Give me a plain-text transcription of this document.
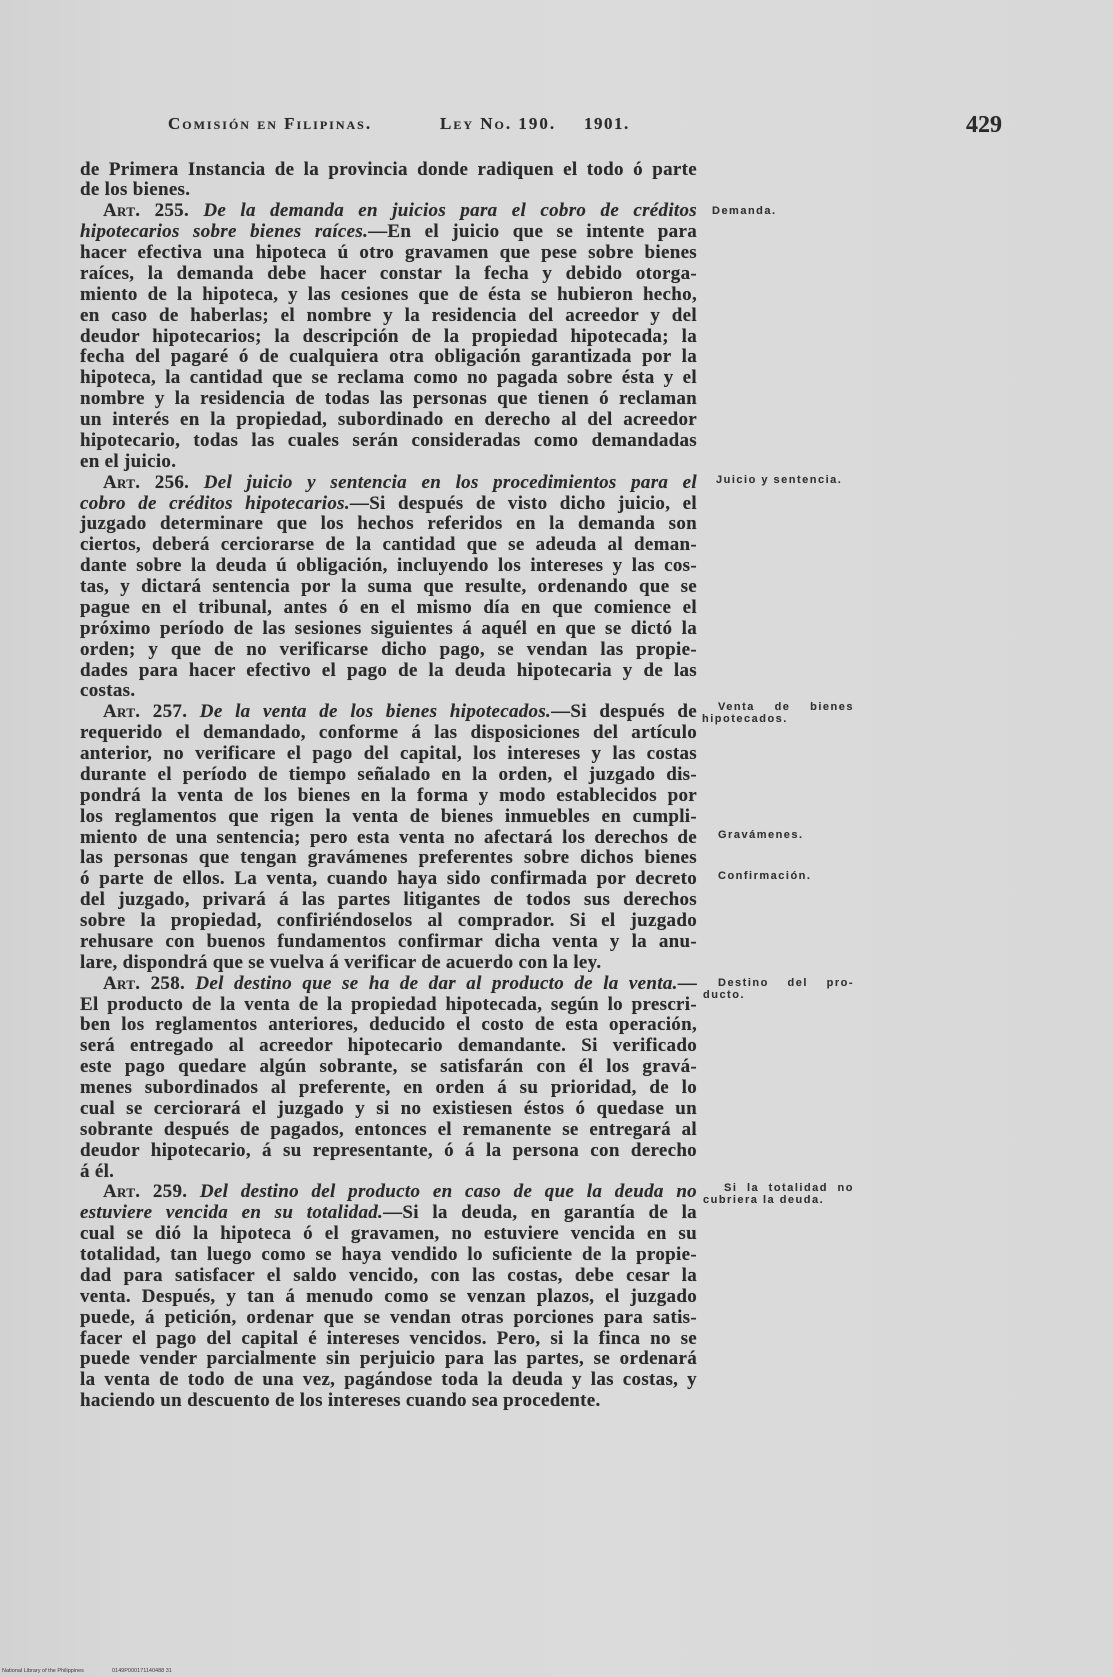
Comisión en Filipinas.	Ley No. 190. 1901.	429
de Primera Instancia de la provincia donde radiquen el todo ó parte
de los bienes.
Art. 255. De la demanda en juicios para el cobro de créditos
hipotecarios sobre bienes raíces.—En el juicio que se intente para
hacer efectiva una hipoteca ú otro gravamen que pese sobre bienes
raíces, la demanda debe hacer constar la fecha y debido otorga-
miento de la hipoteca, y las cesiones que de ésta se hubieron hecho,
en caso de haberlas; el nombre y la residencia del acreedor y del
deudor hipotecarios; la descripción de la propiedad hipotecada; la
fecha del pagaré ó de cualquiera otra obligación garantizada por la
hipoteca, la cantidad que se reclama como no pagada sobre ésta y el
nombre y la residencia de todas las personas que tienen ó reclaman
un interés en la propiedad, subordinado en derecho al del acreedor
hipotecario, todas las cuales serán consideradas como demandadas
en el juicio.
Art. 256. Del juicio y sentencia en los procedimientos para el
cobro de créditos hipotecarios.—Si después de visto dicho juicio, el
juzgado determinare que los hechos referidos en la demanda son
ciertos, deberá cerciorarse de la cantidad que se adeuda al deman-
dante sobre la deuda ú obligación, incluyendo los intereses y las cos-
tas, y dictará sentencia por la suma que resulte, ordenando que se
pague en el tribunal, antes ó en el mismo día en que comience el
próximo período de las sesiones siguientes á aquél en que se dictó la
orden; y que de no verificarse dicho pago, se vendan las propie-
dades para hacer efectivo el pago de la deuda hipotecaria y de las
costas.
Art. 257. De la venta de los bienes hipotecados.—Si después de
requerido el demandado, conforme á las disposiciones del artículo
anterior, no verificare el pago del capital, los intereses y las costas
durante el período de tiempo señalado en la orden, el juzgado dis-
pondrá la venta de los bienes en la forma y modo establecidos por
los reglamentos que rigen la venta de bienes inmuebles en cumpli-
miento de una sentencia; pero esta venta no afectará los derechos de
las personas que tengan gravámenes preferentes sobre dichos bienes
ó parte de ellos. La venta, cuando haya sido confirmada por decreto
del juzgado, privará á las partes litigantes de todos sus derechos
sobre la propiedad, confiriéndoselos al comprador. Si el juzgado
rehusare con buenos fundamentos confirmar dicha venta y la anu-
lare, dispondrá que se vuelva á verificar de acuerdo con la ley.
Art. 258. Del destino que se ha de dar al producto de la venta.—
El producto de la venta de la propiedad hipotecada, según lo prescri-
ben los reglamentos anteriores, deducido el costo de esta operación,
será entregado al acreedor hipotecario demandante. Si verificado
este pago quedare algún sobrante, se satisfarán con él los gravá-
menes subordinados al preferente, en orden á su prioridad, de lo
cual se cerciorará el juzgado y si no existiesen éstos ó quedase un
sobrante después de pagados, entonces el remanente se entregará al
deudor hipotecario, á su representante, ó á la persona con derecho
á él.
Art. 259. Del destino del producto en caso de que la deuda no
estuviere vencida en su totalidad.—Si la deuda, en garantía de la
cual se dió la hipoteca ó el gravamen, no estuviere vencida en su
totalidad, tan luego como se haya vendido lo suficiente de la propie-
dad para satisfacer el saldo vencido, con las costas, debe cesar la
venta. Después, y tan á menudo como se venzan plazos, el juzgado
puede, á petición, ordenar que se vendan otras porciones para satis-
facer el pago del capital é intereses vencidos. Pero, si la finca no se
puede vender parcialmente sin perjuicio para las partes, se ordenará
la venta de todo de una vez, pagándose toda la deuda y las costas, y
haciendo un descuento de los intereses cuando sea procedente.
Demanda.
Juicio y sentencia.
Venta de bienes
hipotecados.
Gravámenes.
Confirmación.
Destino del pro-
ducto.
Si la totalidad no
cubriera la deuda.
National Library of the Philippines	0149P000171140488 31
